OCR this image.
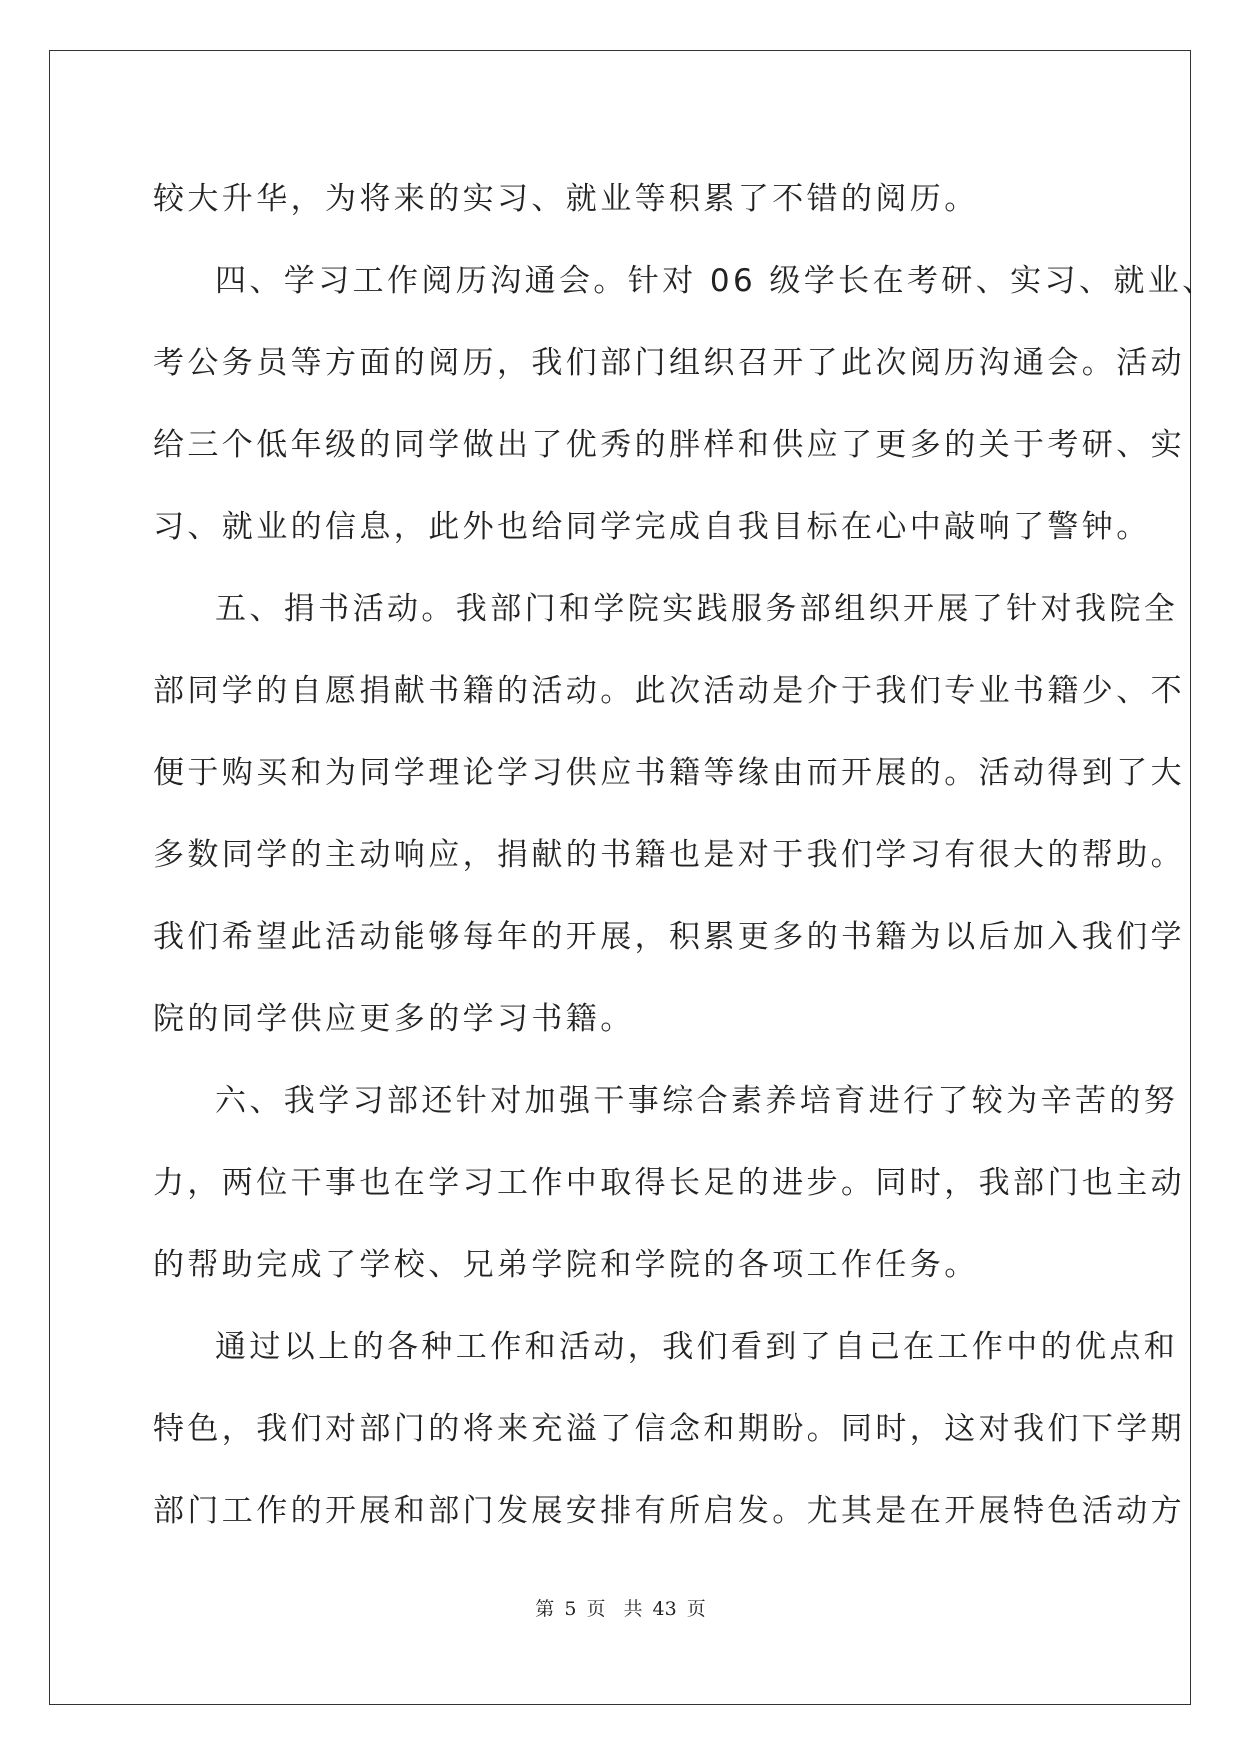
较大升华，为将来的实习、就业等积累了不错的阅历。
四、学习工作阅历沟通会。针对 06 级学长在考研、实习、就业、
考公务员等方面的阅历，我们部门组织召开了此次阅历沟通会。活动
给三个低年级的同学做出了优秀的胖样和供应了更多的关于考研、实
习、就业的信息，此外也给同学完成自我目标在心中敲响了警钟。
五、捐书活动。我部门和学院实践服务部组织开展了针对我院全
部同学的自愿捐献书籍的活动。此次活动是介于我们专业书籍少、不
便于购买和为同学理论学习供应书籍等缘由而开展的。活动得到了大
多数同学的主动响应，捐献的书籍也是对于我们学习有很大的帮助。
我们希望此活动能够每年的开展，积累更多的书籍为以后加入我们学
院的同学供应更多的学习书籍。
六、我学习部还针对加强干事综合素养培育进行了较为辛苦的努
力，两位干事也在学习工作中取得长足的进步。同时，我部门也主动
的帮助完成了学校、兄弟学院和学院的各项工作任务。
通过以上的各种工作和活动，我们看到了自己在工作中的优点和
特色，我们对部门的将来充溢了信念和期盼。同时，这对我们下学期
部门工作的开展和部门发展安排有所启发。尤其是在开展特色活动方
第 5 页 共 43 页
